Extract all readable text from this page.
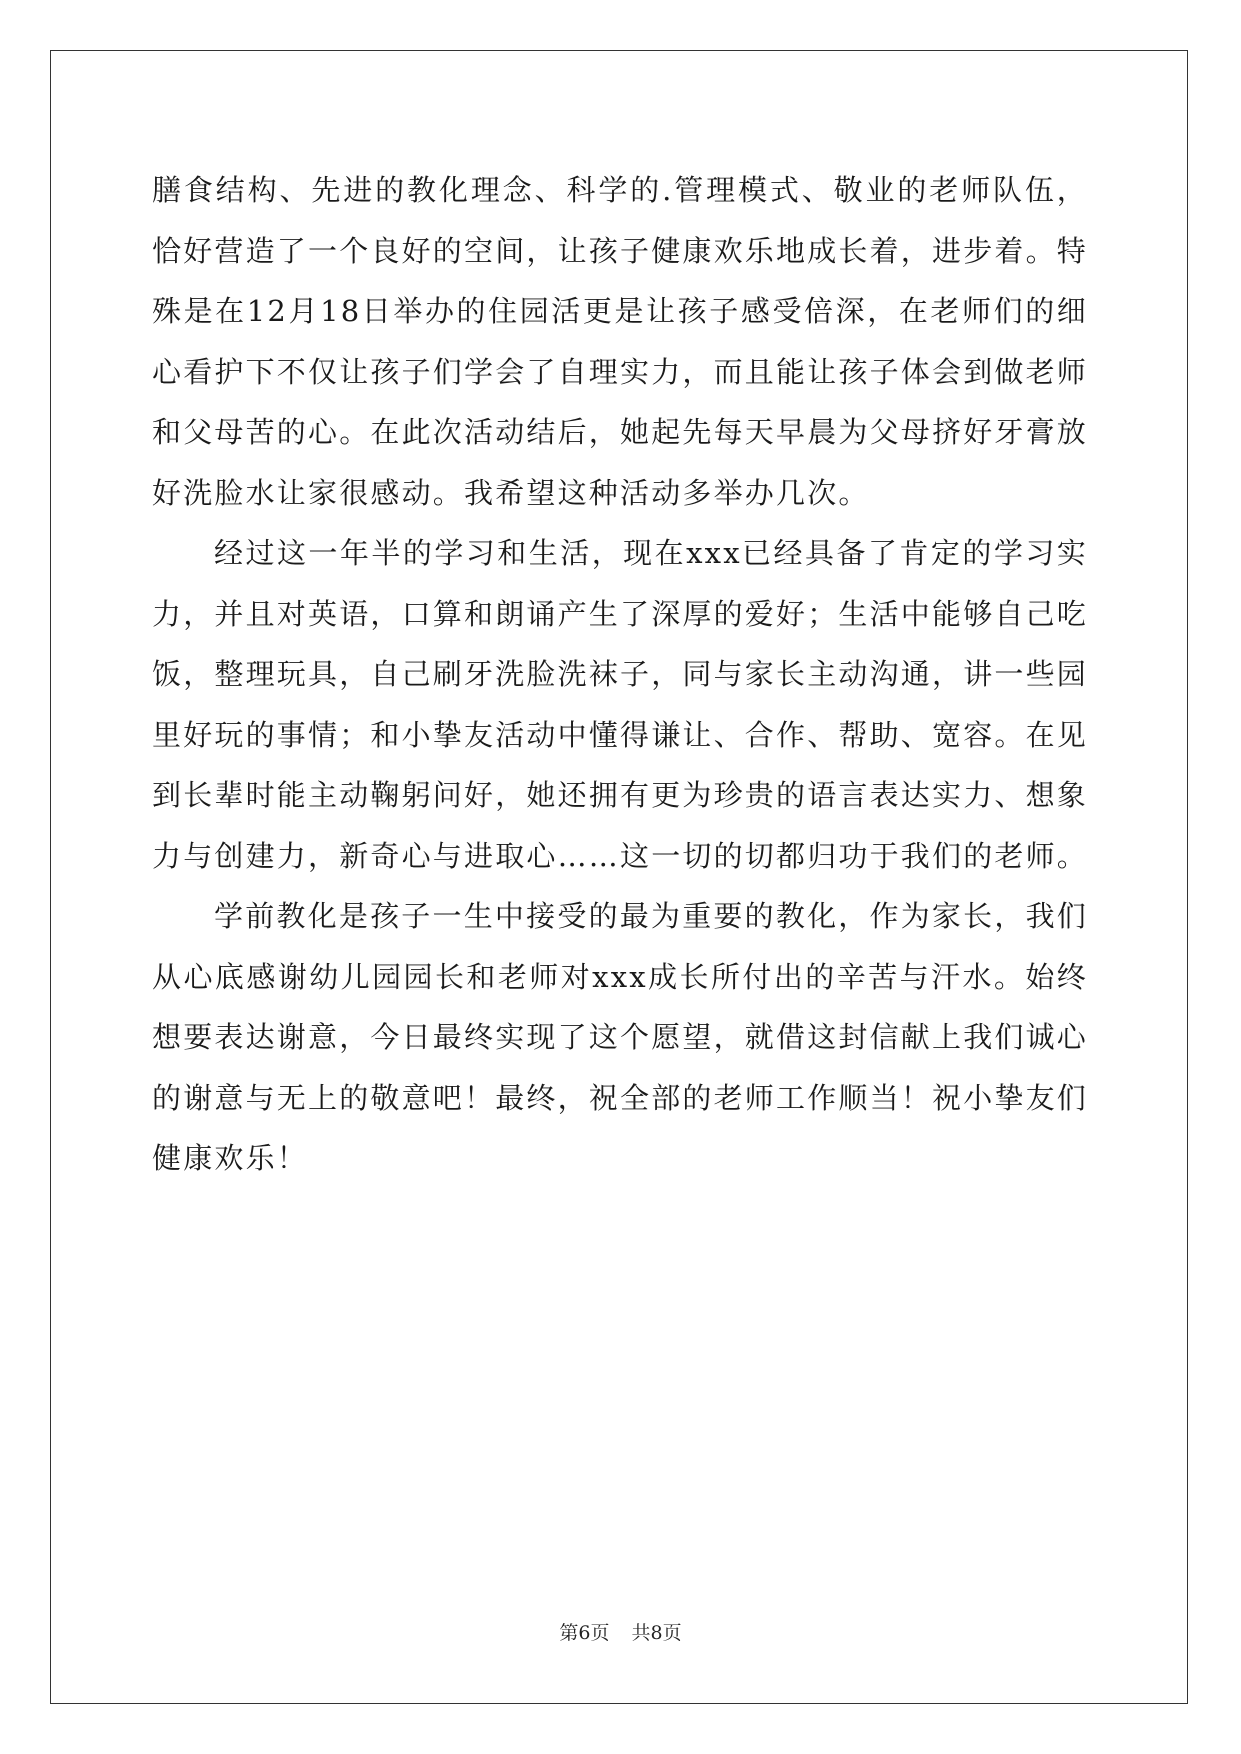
膳食结构、先进的教化理念、科学的.管理模式、敬业的老师队伍，恰好营造了一个良好的空间，让孩子健康欢乐地成长着，进步着。特殊是在12月18日举办的住园活更是让孩子感受倍深，在老师们的细心看护下不仅让孩子们学会了自理实力，而且能让孩子体会到做老师和父母苦的心。在此次活动结后，她起先每天早晨为父母挤好牙膏放好洗脸水让家很感动。我希望这种活动多举办几次。

经过这一年半的学习和生活，现在xxx已经具备了肯定的学习实力，并且对英语，口算和朗诵产生了深厚的爱好；生活中能够自己吃饭，整理玩具，自己刷牙洗脸洗袜子，同与家长主动沟通，讲一些园里好玩的事情；和小挚友活动中懂得谦让、合作、帮助、宽容。在见到长辈时能主动鞠躬问好，她还拥有更为珍贵的语言表达实力、想象力与创建力，新奇心与进取心……这一切的切都归功于我们的老师。

学前教化是孩子一生中接受的最为重要的教化，作为家长，我们从心底感谢幼儿园园长和老师对xxx成长所付出的辛苦与汗水。始终想要表达谢意，今日最终实现了这个愿望，就借这封信献上我们诚心的谢意与无上的敬意吧！最终，祝全部的老师工作顺当！祝小挚友们健康欢乐！

第6页 共8页
